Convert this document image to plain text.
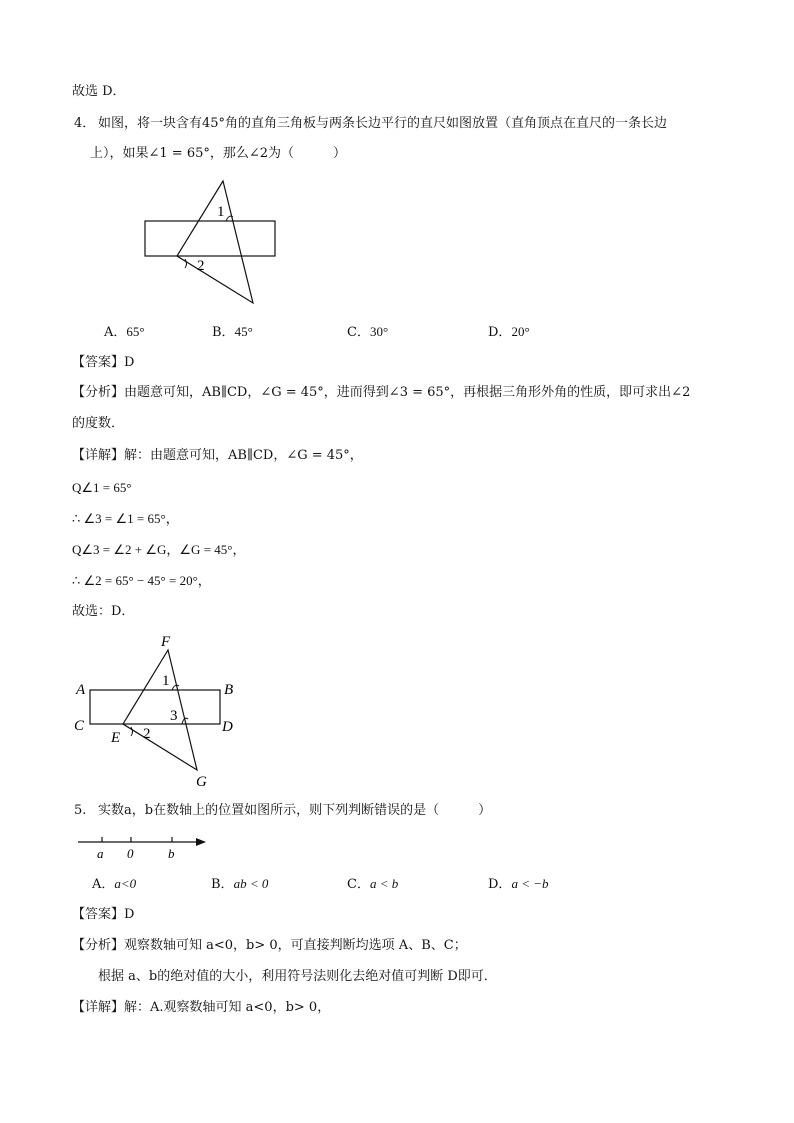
故选 D．
4． 如图，将一块含有45°角的直角三角板与两条长边平行的直尺如图放置（直角顶点在直尺的一条长边
上），如果∠1 = 65°，那么∠2为（　　　）
1
2
F
A	B
C	D
E
G
1
2
3
a 0	b
A．65°	B．45°	C．30°	D．20°
【答案】D
【分析】由题意可知，AB∥CD，∠G = 45°，进而得到∠3 = 65°，再根据三角形外角的性质，即可求出∠2
的度数．
【详解】解：由题意可知，AB∥CD，∠G = 45°，
Q∠1 = 65°
∴ ∠3 = ∠1 = 65°，
Q∠3 = ∠2 + ∠G，∠G = 45°，
∴ ∠2 = 65° − 45° = 20°，
故选：D．
5. 实数a，b在数轴上的位置如图所示，则下列判断错误的是（　　　）
A．a<0	B．ab < 0	C．a < b	D．a < −b
【答案】D
【分析】观察数轴可知 a<0，b> 0，可直接判断均选项 A、B、C；
根据 a、b的绝对值的大小，利用符号法则化去绝对值可判断 D即可．
【详解】解：A.观察数轴可知 a<0，b> 0，
